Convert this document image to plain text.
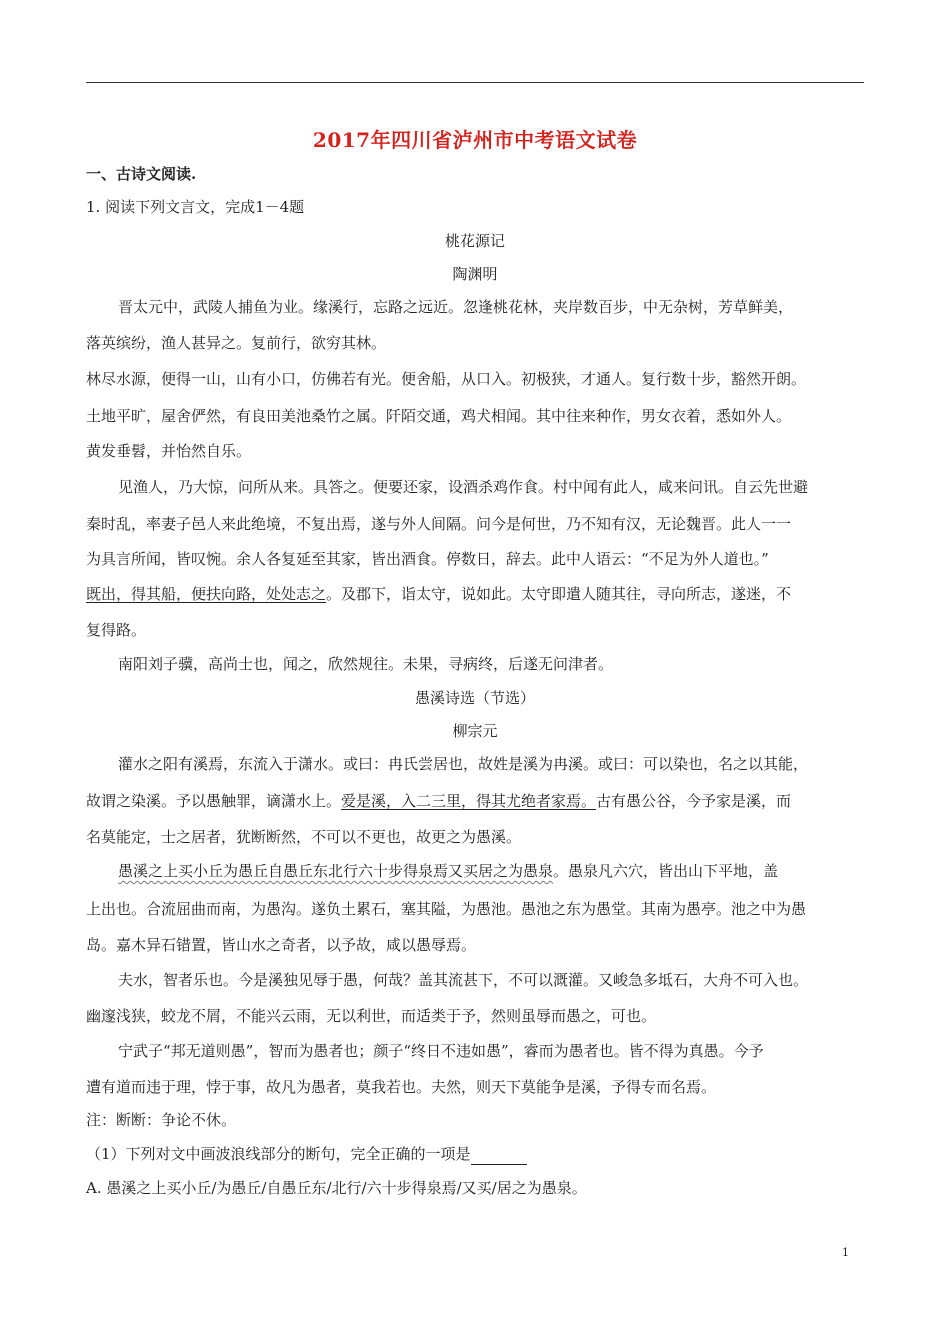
2017年四川省泸州市中考语文试卷
一、古诗文阅读.
1. 阅读下列文言文，完成1－4题
桃花源记
陶渊明
晋太元中，武陵人捕鱼为业。缘溪行，忘路之远近。忽逢桃花林，夹岸数百步，中无杂树，芳草鲜美，
落英缤纷，渔人甚异之。复前行，欲穷其林。
林尽水源，便得一山，山有小口，仿佛若有光。便舍船，从口入。初极狭，才通人。复行数十步，豁然开朗。
土地平旷，屋舍俨然，有良田美池桑竹之属。阡陌交通，鸡犬相闻。其中往来种作，男女衣着，悉如外人。
黄发垂髫，并怡然自乐。
见渔人，乃大惊，问所从来。具答之。便要还家，设酒杀鸡作食。村中闻有此人，咸来问讯。自云先世避
秦时乱，率妻子邑人来此绝境，不复出焉，遂与外人间隔。问今是何世，乃不知有汉，无论魏晋。此人一一
为具言所闻，皆叹惋。余人各复延至其家，皆出酒食。停数日，辞去。此中人语云：“不足为外人道也。”
既出，得其船，便扶向路，处处志之。及郡下，诣太守，说如此。太守即遣人随其往，寻向所志，遂迷，不
复得路。
南阳刘子骥，高尚士也，闻之，欣然规往。未果，寻病终，后遂无问津者。
愚溪诗选（节选）
柳宗元
灌水之阳有溪焉，东流入于潇水。或曰：冉氏尝居也，故姓是溪为冉溪。或曰：可以染也，名之以其能，
故谓之染溪。予以愚触罪，谪潇水上。爱是溪，入二三里，得其尤绝者家焉。古有愚公谷，今予家是溪，而
名莫能定，士之居者，犹断断然，不可以不更也，故更之为愚溪。
愚溪之上买小丘为愚丘自愚丘东北行六十步得泉焉又买居之为愚泉。愚泉凡六穴，皆出山下平地，盖
上出也。合流屈曲而南，为愚沟。遂负土累石，塞其隘，为愚池。愚池之东为愚堂。其南为愚亭。池之中为愚
岛。嘉木异石错置，皆山水之奇者，以予故，咸以愚辱焉。
夫水，智者乐也。今是溪独见辱于愚，何哉？盖其流甚下，不可以溉灌。又峻急多坻石，大舟不可入也。
幽邃浅狭，蛟龙不屑，不能兴云雨，无以利世，而适类于予，然则虽辱而愚之，可也。
宁武子“邦无道则愚”，智而为愚者也；颜子“终日不违如愚”，睿而为愚者也。皆不得为真愚。今予
遭有道而违于理，悖于事，故凡为愚者，莫我若也。夫然，则天下莫能争是溪，予得专而名焉。
注：断断：争论不休。
（1）下列对文中画波浪线部分的断句，完全正确的一项是
A. 愚溪之上买小丘/为愚丘/自愚丘东/北行/六十步得泉焉/又买/居之为愚泉。
1
